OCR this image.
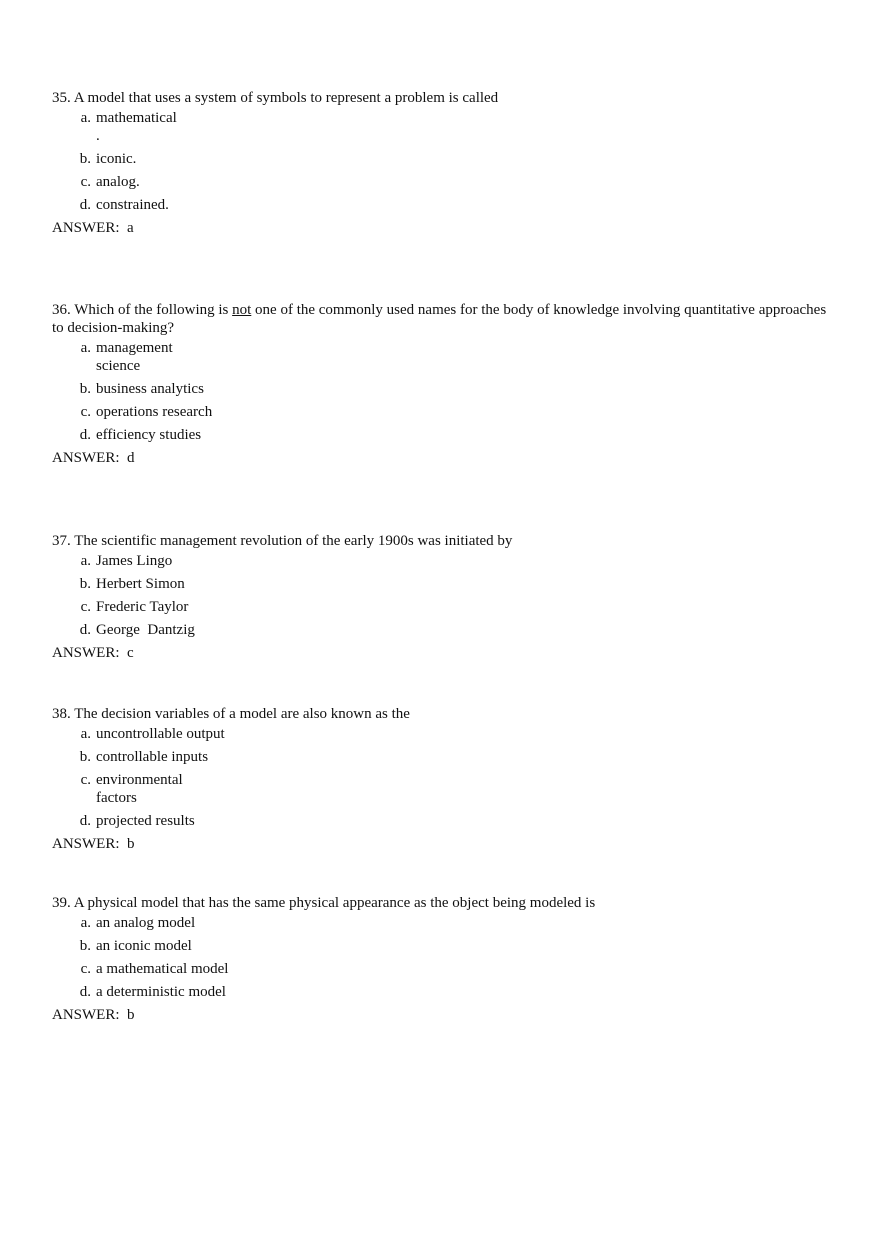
35. A model that uses a system of symbols to represent a problem is called

a. mathematical
.
b. iconic.
c. analog.
d. constrained.
ANSWER: a

36. Which of the following is not one of the commonly used names for the body of knowledge involving quantitative approaches to decision-making?

a. management science
b. business analytics
c. operations research
d. efficiency studies
ANSWER: d

37. The scientific management revolution of the early 1900s was initiated by

a. James Lingo
b. Herbert Simon
c. Frederic Taylor
d. George  Dantzig
ANSWER: c

38. The decision variables of a model are also known as the

a. uncontrollable output
b. controllable inputs
c. environmental factors
d. projected results
ANSWER: b

39. A physical model that has the same physical appearance as the object being modeled is

a. an analog model
b. an iconic model
c. a mathematical model
d. a deterministic model
ANSWER: b
